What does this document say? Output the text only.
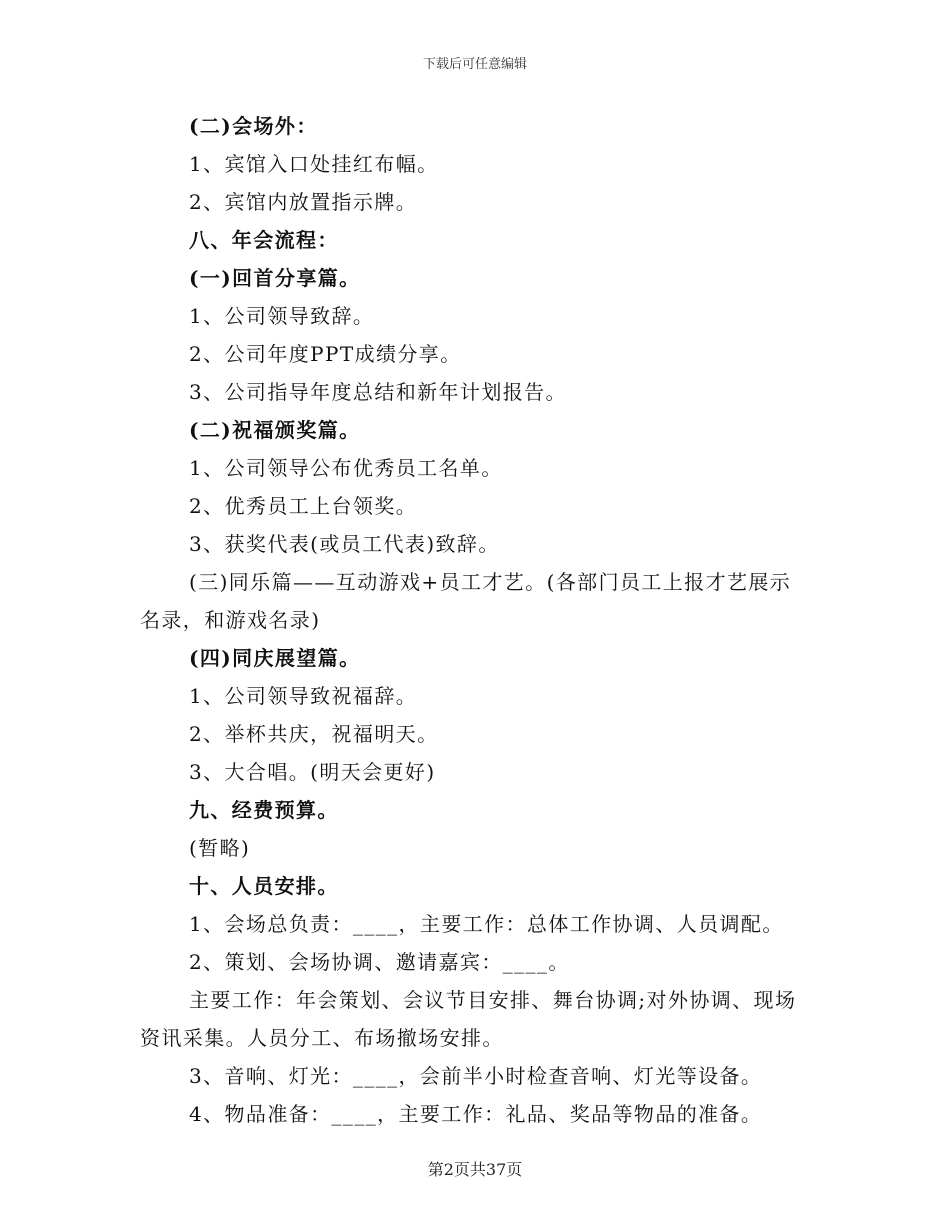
下载后可任意编辑
(二)会场外：
1、宾馆入口处挂红布幅。
2、宾馆内放置指示牌。
八、年会流程：
(一)回首分享篇。
1、公司领导致辞。
2、公司年度PPT成绩分享。
3、公司指导年度总结和新年计划报告。
(二)祝福颁奖篇。
1、公司领导公布优秀员工名单。
2、优秀员工上台领奖。
3、获奖代表(或员工代表)致辞。
(三)同乐篇——互动游戏+员工才艺。(各部门员工上报才艺展示名录，和游戏名录)
(四)同庆展望篇。
1、公司领导致祝福辞。
2、举杯共庆，祝福明天。
3、大合唱。(明天会更好)
九、经费预算。
(暂略)
十、人员安排。
1、会场总负责：____，主要工作：总体工作协调、人员调配。
2、策划、会场协调、邀请嘉宾：____。
主要工作：年会策划、会议节目安排、舞台协调;对外协调、现场资讯采集。人员分工、布场撤场安排。
3、音响、灯光：____，会前半小时检查音响、灯光等设备。
4、物品准备：____，主要工作：礼品、奖品等物品的准备。
第2页共37页
